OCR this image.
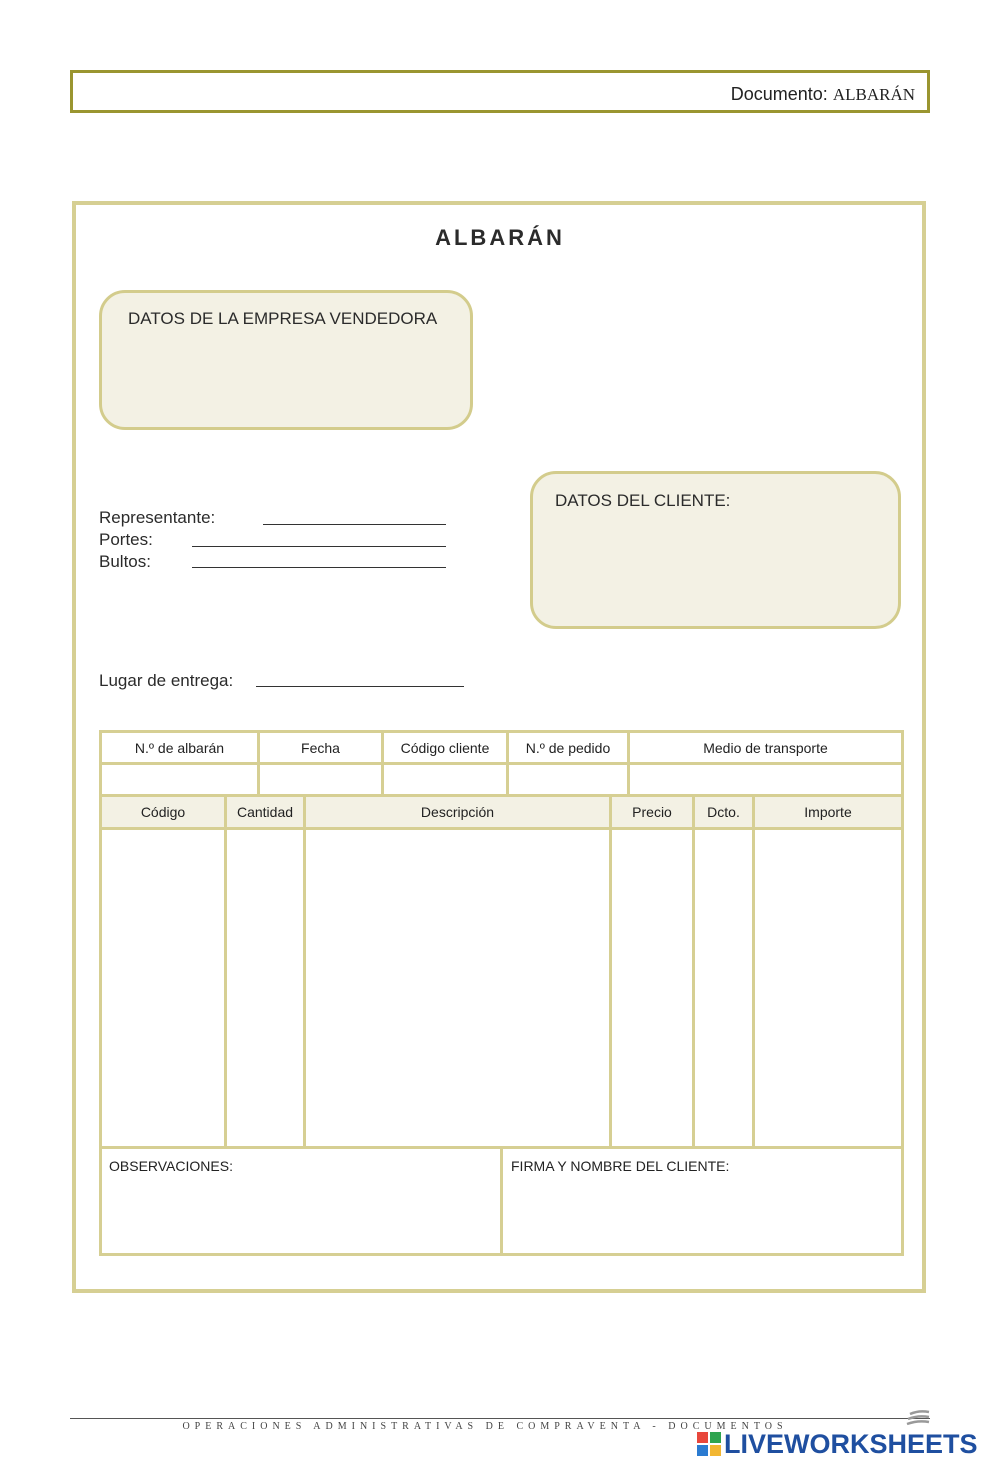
Documento: ALBARÁN
ALBARÁN
DATOS DE LA EMPRESA VENDEDORA
DATOS DEL CLIENTE:
Representante:
Portes:
Bultos:
Lugar de entrega:
N.º de albarán	Fecha	Código cliente	N.º de pedido	Medio de transporte

Código	Cantidad	Descripción	Precio	Dcto.	Importe

OBSERVACIONES:	FIRMA Y NOMBRE DEL CLIENTE:
OPERACIONES ADMINISTRATIVAS DE COMPRAVENTA - DOCUMENTOS
LIVEWORKSHEETS
